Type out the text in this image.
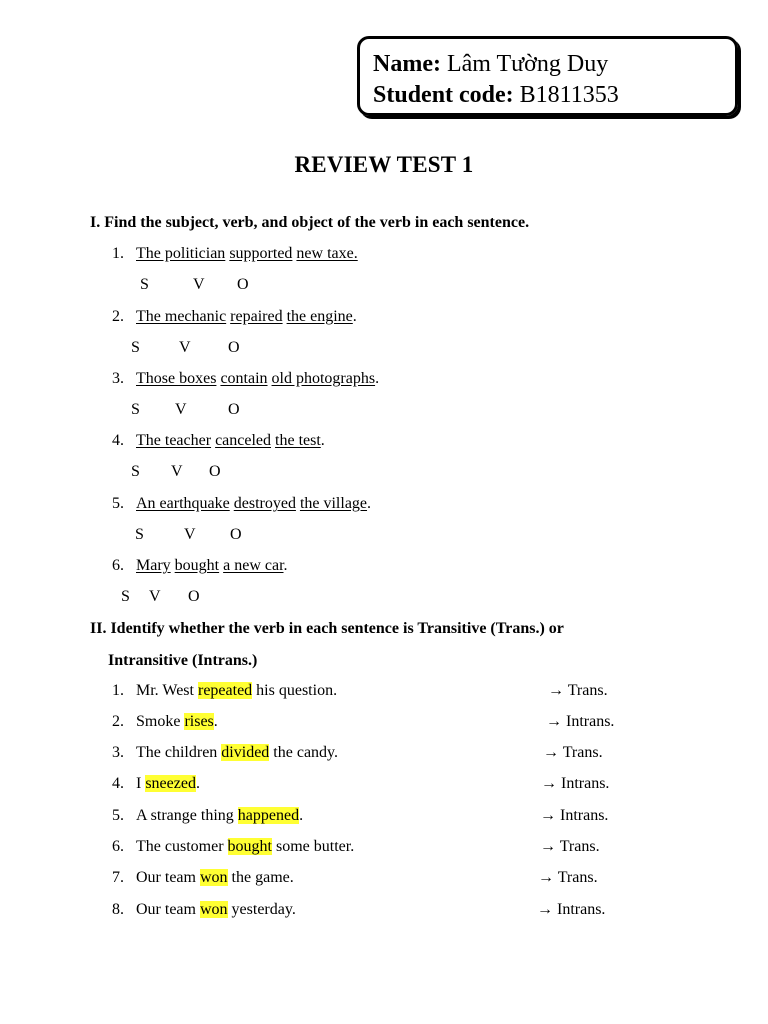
Name: Lâm Tường Duy
Student code: B1811353
REVIEW TEST 1
I. Find the subject, verb, and object of the verb in each sentence.
1. The politician supported new taxe.
S	V O
2. The mechanic repaired the engine.
S V O
3. Those boxes contain old photographs.
S V	O
4. The teacher canceled the test.
S V O
5. An earthquake destroyed the village.
S	V O
6. Mary bought a new car.
S V O
II. Identify whether the verb in each sentence is Transitive (Trans.) or
Intransitive (Intrans.)
1. Mr. West repeated his question.	→ Trans.
2. Smoke rises.	→ Intrans.
3. The children divided the candy.	→ Trans.
4. I sneezed.	→ Intrans.
5. A strange thing happened.	→ Intrans.
6. The customer bought some butter.	→ Trans.
7. Our team won the game.	→ Trans.
8. Our team won yesterday.	→ Intrans.
